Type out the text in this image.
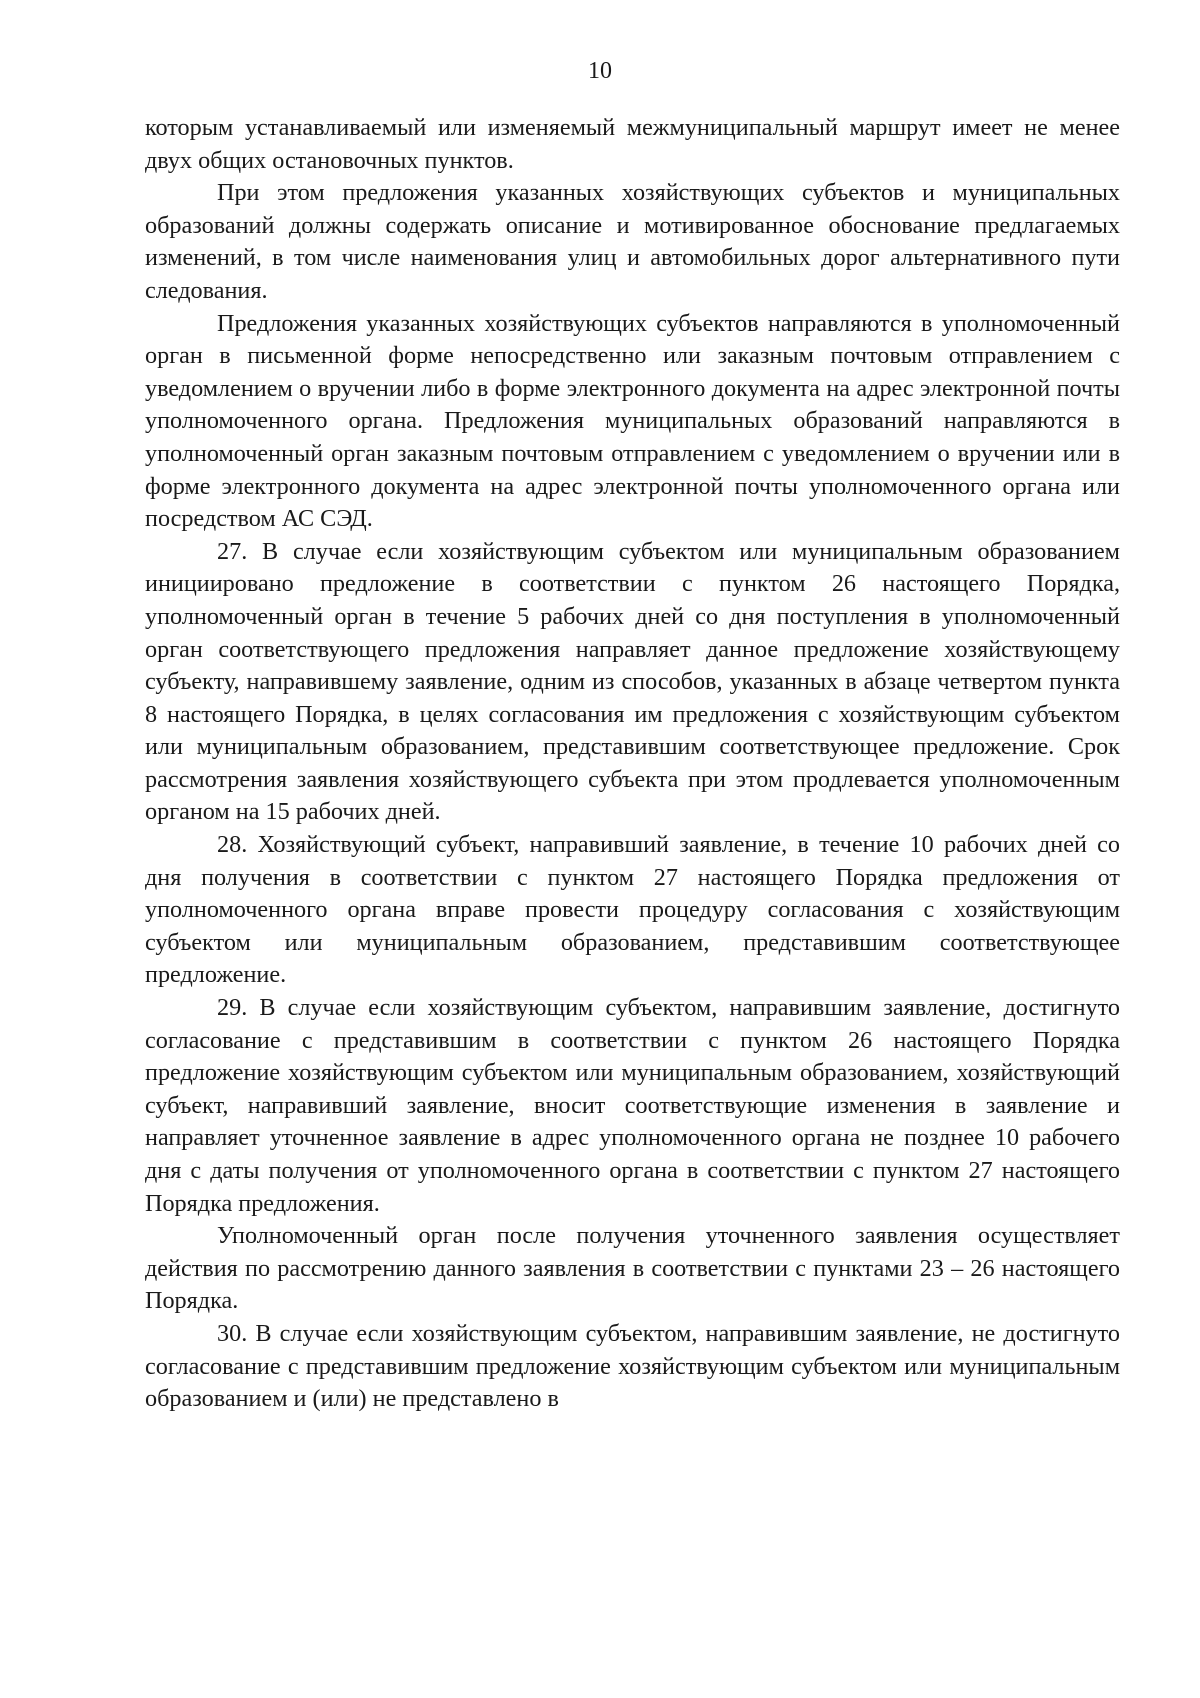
10

которым устанавливаемый или изменяемый межмуниципальный маршрут имеет не менее двух общих остановочных пунктов.

При этом предложения указанных хозяйствующих субъектов и муниципальных образований должны содержать описание и мотивированное обоснование предлагаемых изменений, в том числе наименования улиц и автомобильных дорог альтернативного пути следования.

Предложения указанных хозяйствующих субъектов направляются в уполномоченный орган в письменной форме непосредственно или заказным почтовым отправлением с уведомлением о вручении либо в форме электронного документа на адрес электронной почты уполномоченного органа. Предложения муниципальных образований направляются в уполномоченный орган заказным почтовым отправлением с уведомлением о вручении или в форме электронного документа на адрес электронной почты уполномоченного органа или посредством АС СЭД.

27. В случае если хозяйствующим субъектом или муниципальным образованием инициировано предложение в соответствии с пунктом 26 настоящего Порядка, уполномоченный орган в течение 5 рабочих дней со дня поступления в уполномоченный орган соответствующего предложения направляет данное предложение хозяйствующему субъекту, направившему заявление, одним из способов, указанных в абзаце четвертом пункта 8 настоящего Порядка, в целях согласования им предложения с хозяйствующим субъектом или муниципальным образованием, представившим соответствующее предложение. Срок рассмотрения заявления хозяйствующего субъекта при этом продлевается уполномоченным органом на 15 рабочих дней.

28. Хозяйствующий субъект, направивший заявление, в течение 10 рабочих дней со дня получения в соответствии с пунктом 27 настоящего Порядка предложения от уполномоченного органа вправе провести процедуру согласования с хозяйствующим субъектом или муниципальным образованием, представившим соответствующее предложение.

29. В случае если хозяйствующим субъектом, направившим заявление, достигнуто согласование с представившим в соответствии с пунктом 26 настоящего Порядка предложение хозяйствующим субъектом или муниципальным образованием, хозяйствующий субъект, направивший заявление, вносит соответствующие изменения в заявление и направляет уточненное заявление в адрес уполномоченного органа не позднее 10 рабочего дня с даты получения от уполномоченного органа в соответствии с пунктом 27 настоящего Порядка предложения.

Уполномоченный орган после получения уточненного заявления осуществляет действия по рассмотрению данного заявления в соответствии с пунктами 23 – 26 настоящего Порядка.

30. В случае если хозяйствующим субъектом, направившим заявление, не достигнуто согласование с представившим предложение хозяйствующим субъектом или муниципальным образованием и (или) не представлено в
